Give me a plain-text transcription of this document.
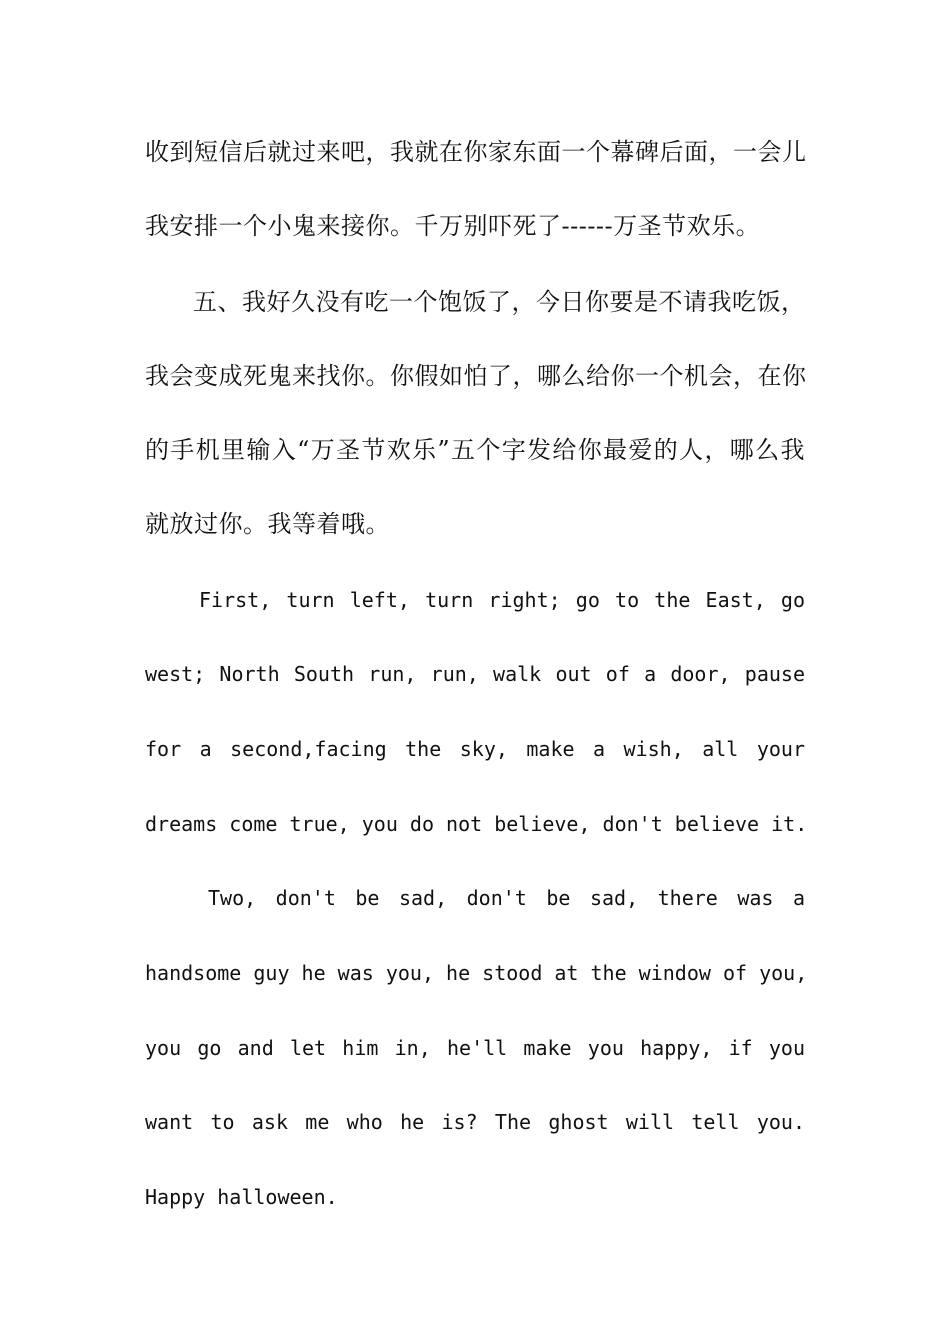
收到短信后就过来吧，我就在你家东面一个幕碑后面，一会儿
我安排一个小鬼来接你。千万别吓死了------万圣节欢乐。
五、我好久没有吃一个饱饭了，今日你要是不请我吃饭，
我会变成死鬼来找你。你假如怕了，哪么给你一个机会，在你
的手机里输入“万圣节欢乐”五个字发给你最爱的人，哪么我
就放过你。我等着哦。
First, turn left, turn right; go to the East, go
west; North South run, run, walk out of a door, pause
for a second,facing the sky, make a wish, all your
dreams come true, you do not believe, don't believe it.
Two, don't be sad, don't be sad, there was a
handsome guy he was you, he stood at the window of you,
you go and let him in, he'll make you happy, if you
want to ask me who he is? The ghost will tell you.
Happy halloween.
